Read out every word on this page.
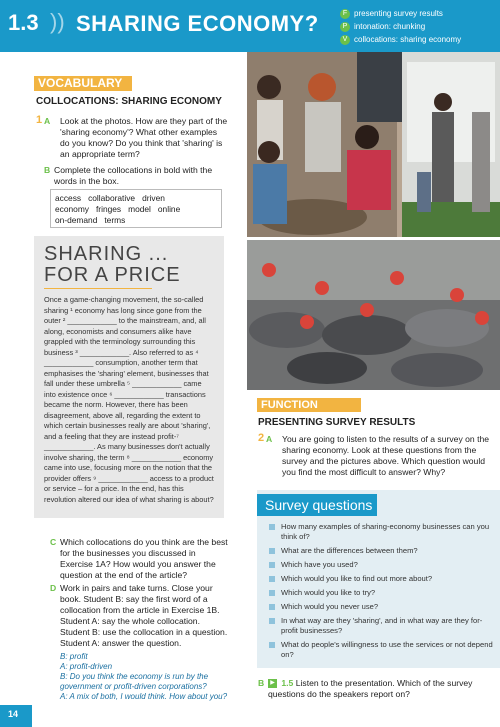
1.3 )) SHARING ECONOMY?	F presenting survey results
P intonation: chunking
V collocations: sharing economy
VOCABULARY
COLLOCATIONS: SHARING ECONOMY
1 A Look at the photos. How are they part of the 'sharing economy'? What other examples do you know? Do you think that 'sharing' is an appropriate term?
B Complete the collocations in bold with the words in the box.
access collaborative driven
economy fringes model online
on-demand terms
SHARING ...
FOR A PRICE

Once a game-changing movement, the so-called sharing ¹ economy has long since gone from the outer ² ____________ to the mainstream, and, all along, economists and consumers alike have grappled with the terminology surrounding this business ³ ____________. Also referred to as ⁴ ____________ consumption, another term that emphasises the 'sharing' element, businesses that fall under these umbrella ⁵ ____________ came into existence once ⁶ ____________ transactions became the norm. However, there has been disagreement, above all, regarding the extent to which certain businesses really are about 'sharing', and a feeling that they are instead profit-⁷ ____________. As many businesses don't actually involve sharing, the term ⁸ ____________ economy came into use, focusing more on the notion that the provider offers ⁹ ____________ access to a product or service – for a price. In the end, has this revolution altered our idea of what sharing is about?

C Which collocations do you think are the best for the businesses you discussed in Exercise 1A? How would you answer the question at the end of the article?
D Work in pairs and take turns. Close your book. Student B: say the first word of a collocation from the article in Exercise 1B. Student A: say the whole collocation. Student B: use the collocation in a question. Student A: answer the question.
B: profit
A: profit-driven
B: Do you think the economy is run by the government or profit-driven corporations?
A: A mix of both, I would think. How about you?
FUNCTION
PRESENTING SURVEY RESULTS
2 A You are going to listen to the results of a survey on the sharing economy. Look at these questions from the survey and the pictures above. Which question would you find the most difficult to answer? Why?
Survey questions
How many examples of sharing-economy businesses can you think of?
What are the differences between them?
Which have you used?
Which would you like to find out more about?
Which would you like to try?
Which would you never use?
In what way are they 'sharing', and in what way are they for-profit businesses?
What do people's willingness to use the services or not depend on?
B ▶ 1.5 Listen to the presentation. Which of the survey questions do the speakers report on?
14
